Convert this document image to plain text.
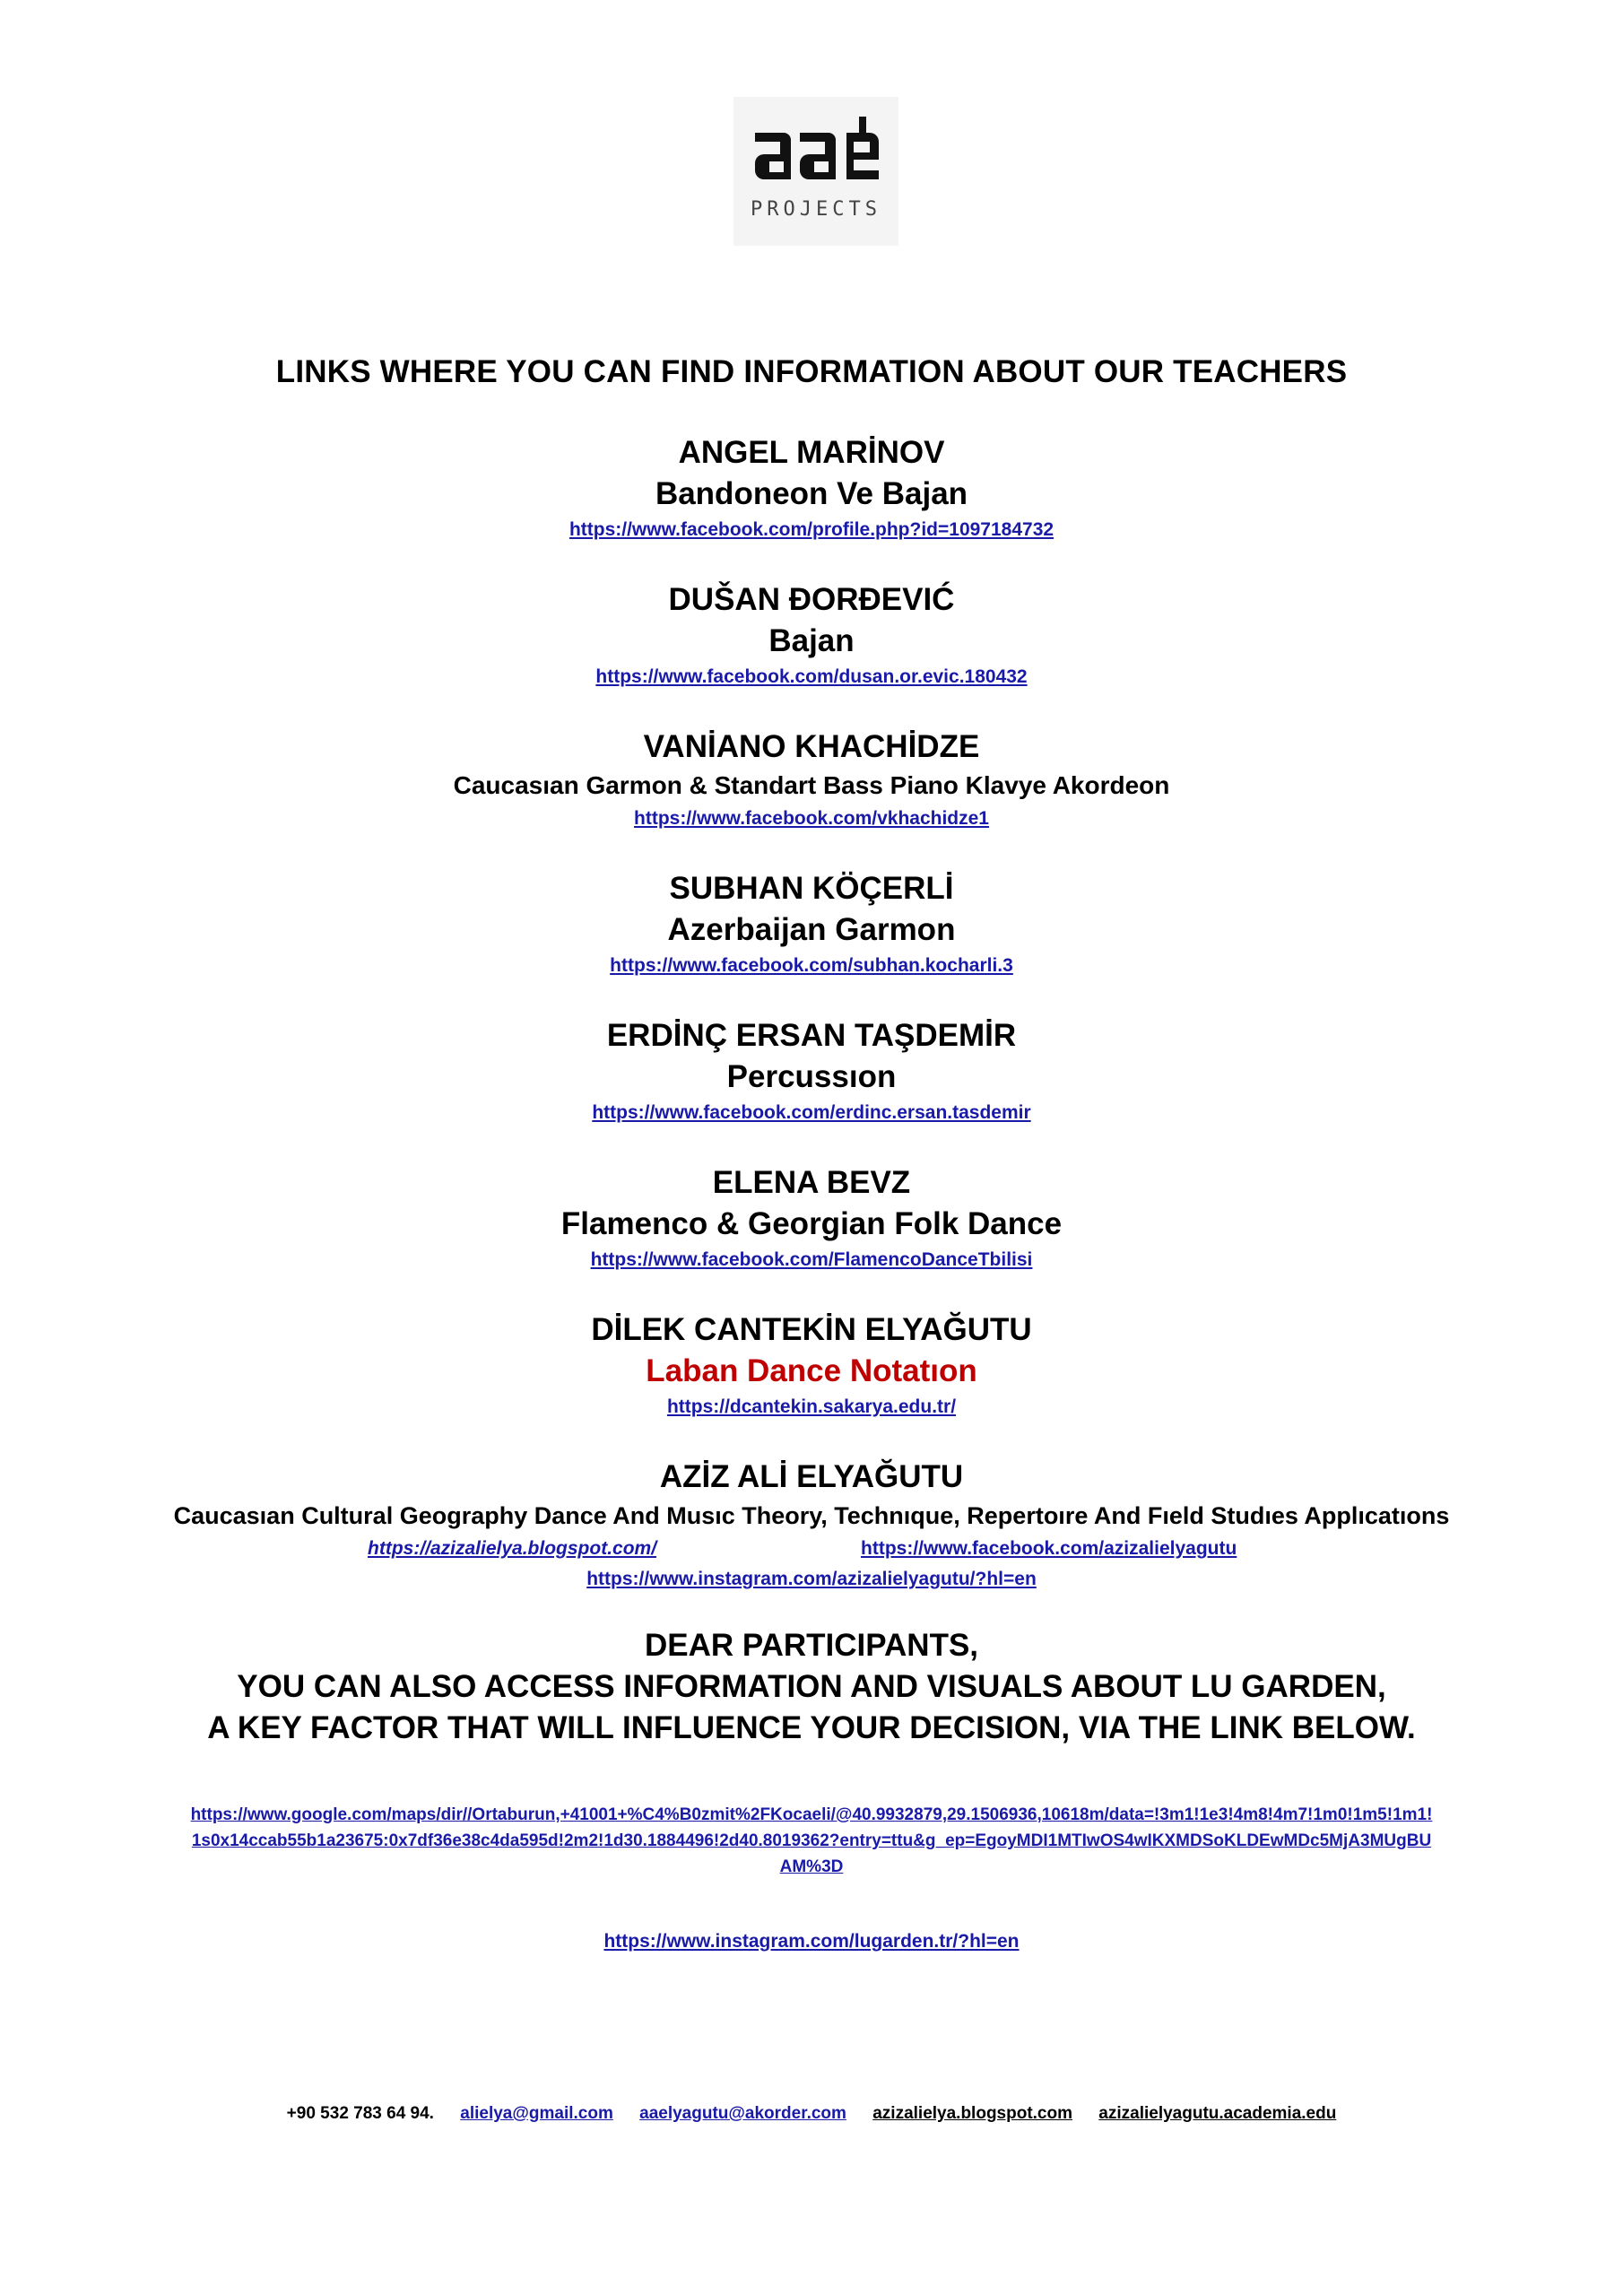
PROJECTS
LINKS WHERE YOU CAN FIND INFORMATION ABOUT OUR TEACHERS
ANGEL MARİNOV
Bandoneon Ve Bajan
https://www.facebook.com/profile.php?id=1097184732
DUŠAN ĐORĐEVIĆ
Bajan
https://www.facebook.com/dusan.or.evic.180432
VANİANO KHACHİDZE
Caucasıan Garmon & Standart Bass Piano Klavye Akordeon
https://www.facebook.com/vkhachidze1
SUBHAN KÖÇERLİ
Azerbaijan Garmon
https://www.facebook.com/subhan.kocharli.3
ERDİNÇ ERSAN TAŞDEMİR
Percussıon
https://www.facebook.com/erdinc.ersan.tasdemir
ELENA BEVZ
Flamenco & Georgian Folk Dance
https://www.facebook.com/FlamencoDanceTbilisi
DİLEK CANTEKİN ELYAĞUTU
Laban Dance Notatıon
https://dcantekin.sakarya.edu.tr/
AZİZ ALİ ELYAĞUTU
Caucasıan Cultural Geography Dance And Musıc Theory, Technıque, Repertoıre And Fıeld Studıes Applıcatıons
https://azizalielya.blogspot.com/	https://www.facebook.com/azizalielyagutu
https://www.instagram.com/azizalielyagutu/?hl=en
DEAR PARTICIPANTS,
YOU CAN ALSO ACCESS INFORMATION AND VISUALS ABOUT LU GARDEN,
A KEY FACTOR THAT WILL INFLUENCE YOUR DECISION, VIA THE LINK BELOW.
https://www.google.com/maps/dir//Ortaburun,+41001+%C4%B0zmit%2FKocaeli/@40.9932879,29.1506936,10618m/data=!3m1!1e3!4m8!4m7!1m0!1m5!1m1!1s0x14ccab55b1a23675:0x7df36e38c4da595d!2m2!1d30.1884496!2d40.8019362?entry=ttu&g_ep=EgoyMDI1MTIwOS4wIKXMDSoKLDEwMDc5MjA3MUgBUAM%3D
https://www.instagram.com/lugarden.tr/?hl=en
+90 532 783 64 94. alielya@gmail.com aaelyagutu@akorder.com azizalielya.blogspot.com azizalielyagutu.academia.edu
